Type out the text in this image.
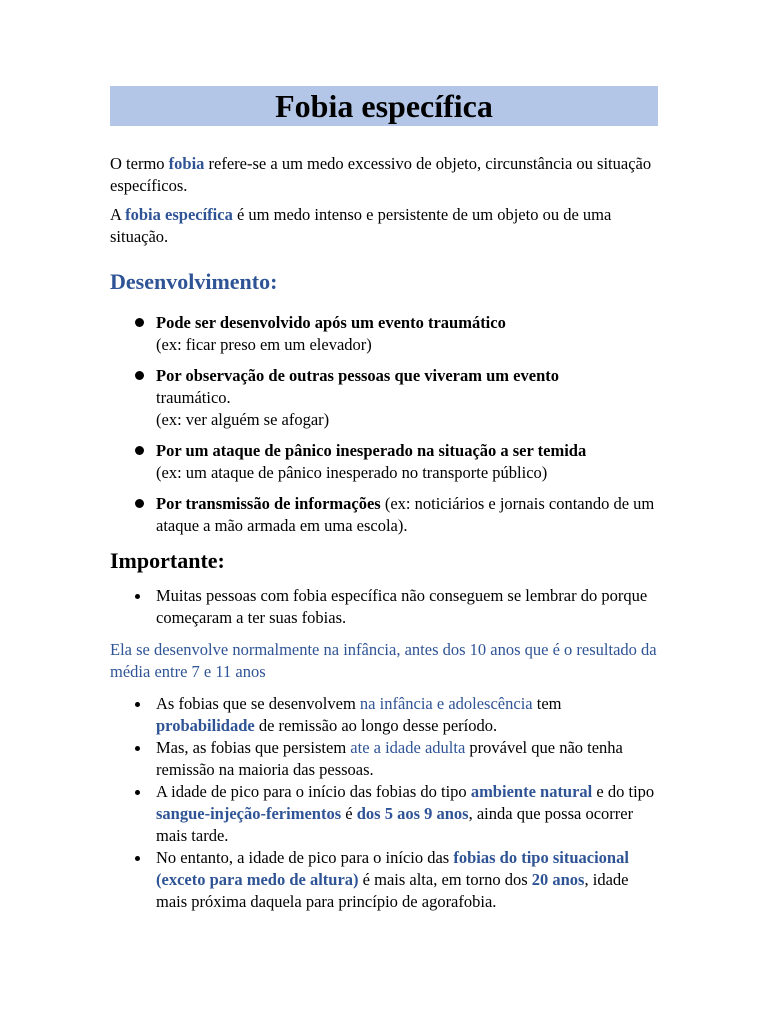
Fobia específica

O termo fobia refere-se a um medo excessivo de objeto, circunstância ou situação específicos.

A fobia específica é um medo intenso e persistente de um objeto ou de uma situação.

Desenvolvimento:
Pode ser desenvolvido após um evento traumático
(ex: ficar preso em um elevador)
Por observação de outras pessoas que viveram um evento
traumático.
(ex: ver alguém se afogar)
Por um ataque de pânico inesperado na situação a ser temida
(ex: um ataque de pânico inesperado no transporte público)
Por transmissão de informações (ex: noticiários e jornais contando de um ataque a mão armada em uma escola).
Importante:
Muitas pessoas com fobia específica não conseguem se lembrar do porque começaram a ter suas fobias.

Ela se desenvolve normalmente na infância, antes dos 10 anos que é o resultado da média entre 7 e 11 anos

As fobias que se desenvolvem na infância e adolescência tem probabilidade de remissão ao longo desse período.
Mas, as fobias que persistem ate a idade adulta provável que não tenha remissão na maioria das pessoas.
A idade de pico para o início das fobias do tipo ambiente natural e do tipo sangue-injeção-ferimentos é dos 5 aos 9 anos, ainda que possa ocorrer mais tarde.
No entanto, a idade de pico para o início das fobias do tipo situacional (exceto para medo de altura) é mais alta, em torno dos 20 anos, idade mais próxima daquela para princípio de agorafobia.
